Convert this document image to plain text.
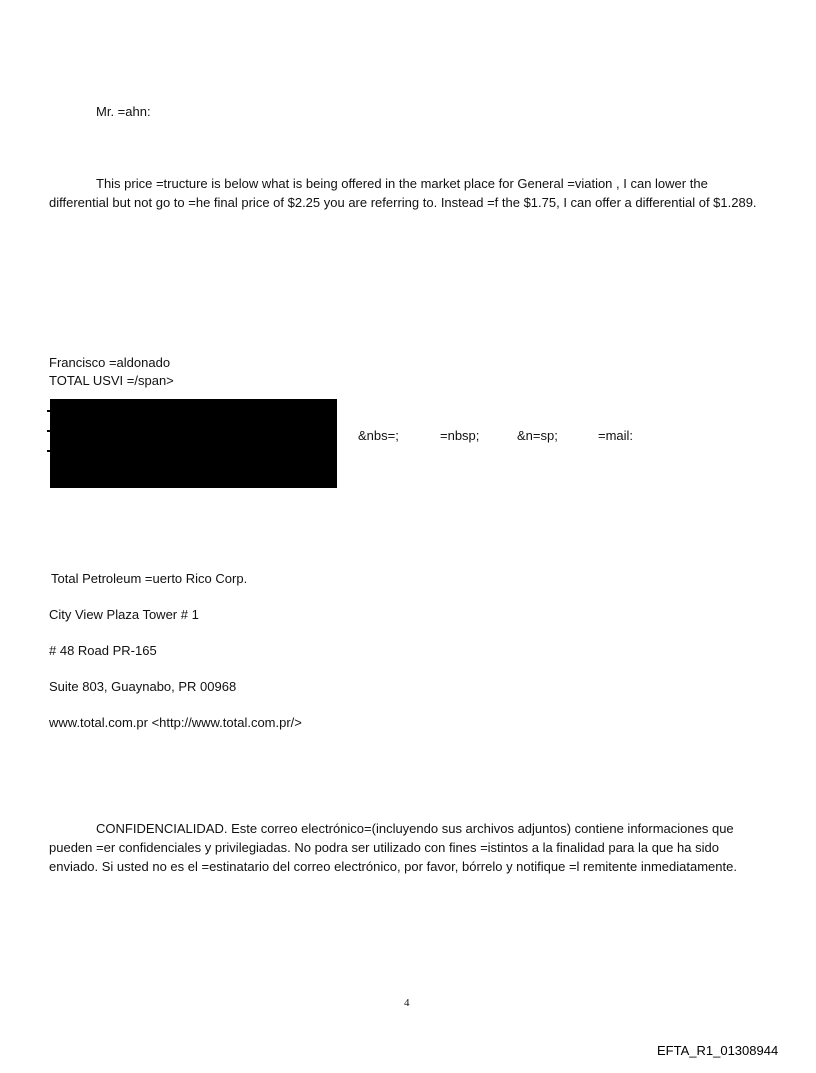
Mr. =ahn:
This price =tructure is below what is being offered in the market place for General =viation , I can lower the differential but not go to =he final price of $2.25 you are referring to. Instead =f the $1.75, I can offer a differential of $1.289.
Francisco =aldonado
TOTAL USVI =/span>
&nbs=;	=nbsp;	&n=sp;	=mail:
Total Petroleum =uerto Rico Corp.
City View Plaza Tower # 1
# 48 Road PR-165
Suite 803, Guaynabo, PR 00968
www.total.com.pr <http://www.total.com.pr/>
CONFIDENCIALIDAD. Este correo electrónico=(incluyendo sus archivos adjuntos) contiene informaciones que pueden =er confidenciales y privilegiadas. No podra ser utilizado con fines =istintos a la finalidad para la que ha sido enviado. Si usted no es el =estinatario del correo electrónico, por favor, bórrelo y notifique =l remitente inmediatamente.
4
EFTA_R1_01308944
